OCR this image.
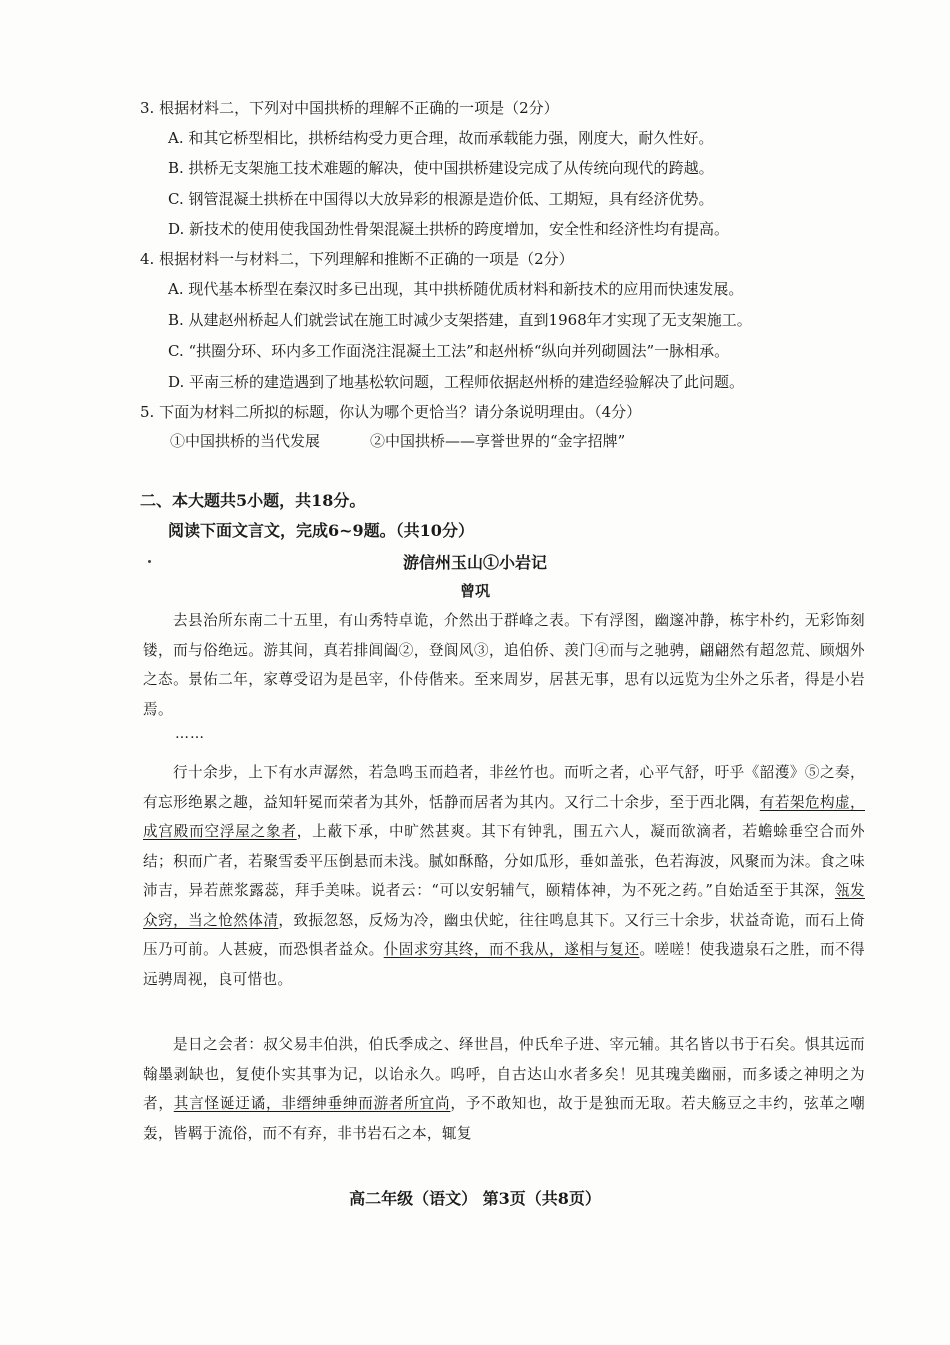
3. 根据材料二，下列对中国拱桥的理解不正确的一项是（2分）
A. 和其它桥型相比，拱桥结构受力更合理，故而承载能力强，刚度大，耐久性好。
B. 拱桥无支架施工技术难题的解决，使中国拱桥建设完成了从传统向现代的跨越。
C. 钢管混凝土拱桥在中国得以大放异彩的根源是造价低、工期短，具有经济优势。
D. 新技术的使用使我国劲性骨架混凝土拱桥的跨度增加，安全性和经济性均有提高。
4. 根据材料一与材料二，下列理解和推断不正确的一项是（2分）
A. 现代基本桥型在秦汉时多已出现，其中拱桥随优质材料和新技术的应用而快速发展。
B. 从建赵州桥起人们就尝试在施工时减少支架搭建，直到1968年才实现了无支架施工。
C. “拱圈分环、环内多工作面浇注混凝土工法”和赵州桥“纵向并列砌圆法”一脉相承。
D. 平南三桥的建造遇到了地基松软问题，工程师依据赵州桥的建造经验解决了此问题。
5. 下面为材料二所拟的标题，你认为哪个更恰当？请分条说明理由。（4分）
①中国拱桥的当代发展	②中国拱桥——享誉世界的“金字招牌”
二、本大题共5小题，共18分。
阅读下面文言文，完成6~9题。（共10分）
游信州玉山①小岩记
曾巩
去县治所东南二十五里，有山秀特卓诡，介然出于群峰之表。下有浮图，幽邃冲静，栋宇朴约，无彩饰刻镂，而与俗绝远。游其间，真若排阊阖②，登阆风③，追伯侨、羡门④而与之驰骋，翩翩然有超忽荒、顾烟外之态。景佑二年，家尊受诏为是邑宰，仆侍偕来。至来周岁，居甚无事，思有以远览为尘外之乐者，得是小岩焉。
……
行十余步，上下有水声潺然，若急鸣玉而趋者，非丝竹也。而听之者，心平气舒，吁乎《韶濩》⑤之奏，有忘形绝累之趣，益知轩冕而荣者为其外，恬静而居者为其内。又行二十余步，至于西北隅，有若架危构虚，成宫殿而空浮屋之象者，上蔽下承，中旷然甚爽。其下有钟乳，围五六人，凝而欲滴者，若蟾蜍垂空合而外结；积而广者，若聚雪委平压倒悬而未浅。腻如酥酪，分如瓜形，垂如盖张，色若海波，风聚而为沫。食之味沛吉，异若蔗浆露蕊，拜手美味。说者云：“可以安躬辅气，颐精体神，为不死之药。”自始适至于其深，瓴发众窍，当之怆然体清，致振忽怒，反炀为冷，幽虫伏蛇，往往鸣息其下。又行三十余步，状益奇诡，而石上倚压乃可前。人甚疲，而恐惧者益众。仆固求穷其终，而不我从，遂相与复还。嗟嗟！使我遗泉石之胜，而不得远骋周视，良可惜也。
是日之会者：叔父易丰伯洪，伯氏季成之、绎世昌，仲氏牟子进、宰元辅。其名皆以书于石矣。惧其远而翰墨剥缺也，复使仆实其事为记，以诒永久。呜呼，自古达山水者多矣！见其瑰美幽丽，而多诿之神明之为者，其言怪诞迂谲，非缙绅垂绅而游者所宜尚，予不敢知也，故于是独而无取。若夫觞豆之丰约，弦革之嘲轰，皆羁于流俗，而不有弃，非书岩石之本，辄复
高二年级（语文） 第3页（共8页）
